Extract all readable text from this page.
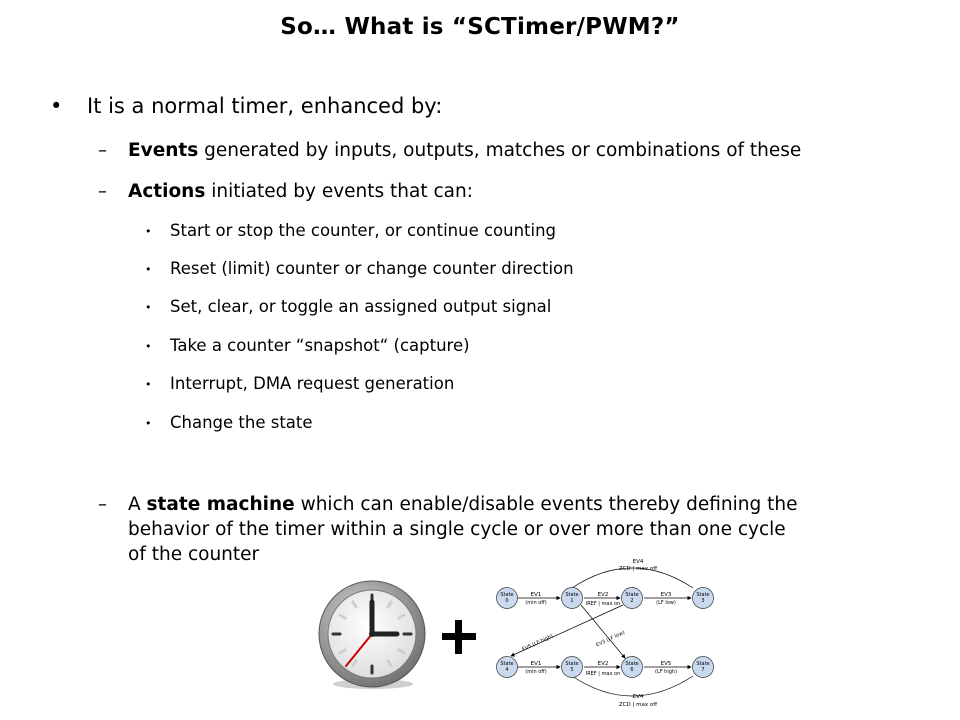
So… What is “SCTimer/PWM?”
• It is a normal timer, enhanced by:
– Events generated by inputs, outputs, matches or combinations of these
– Actions initiated by events that can:
• Start or stop the counter, or continue counting
• Reset (limit) counter or change counter direction
• Set, clear, or toggle an assigned output signal
• Take a counter “snapshot“ (capture)
• Interrupt, DMA request generation
• Change the state
– A state machine which can enable/disable events thereby defining the
behavior of the timer within a single cycle or over more than one cycle
of the counter	EV4
ZCD | max off
EV4
ZCD | max off
EV1
(min off)
EV2
IREF | max on
EV3
(LF low)
EV1
(min off)
EV2
IREF | max on
EV5
(LF high)
EV5 (LF high)	EV3 (LF low)
State 0
State 1
State 2
State 3
State 4
State 5
State 6
State 7
